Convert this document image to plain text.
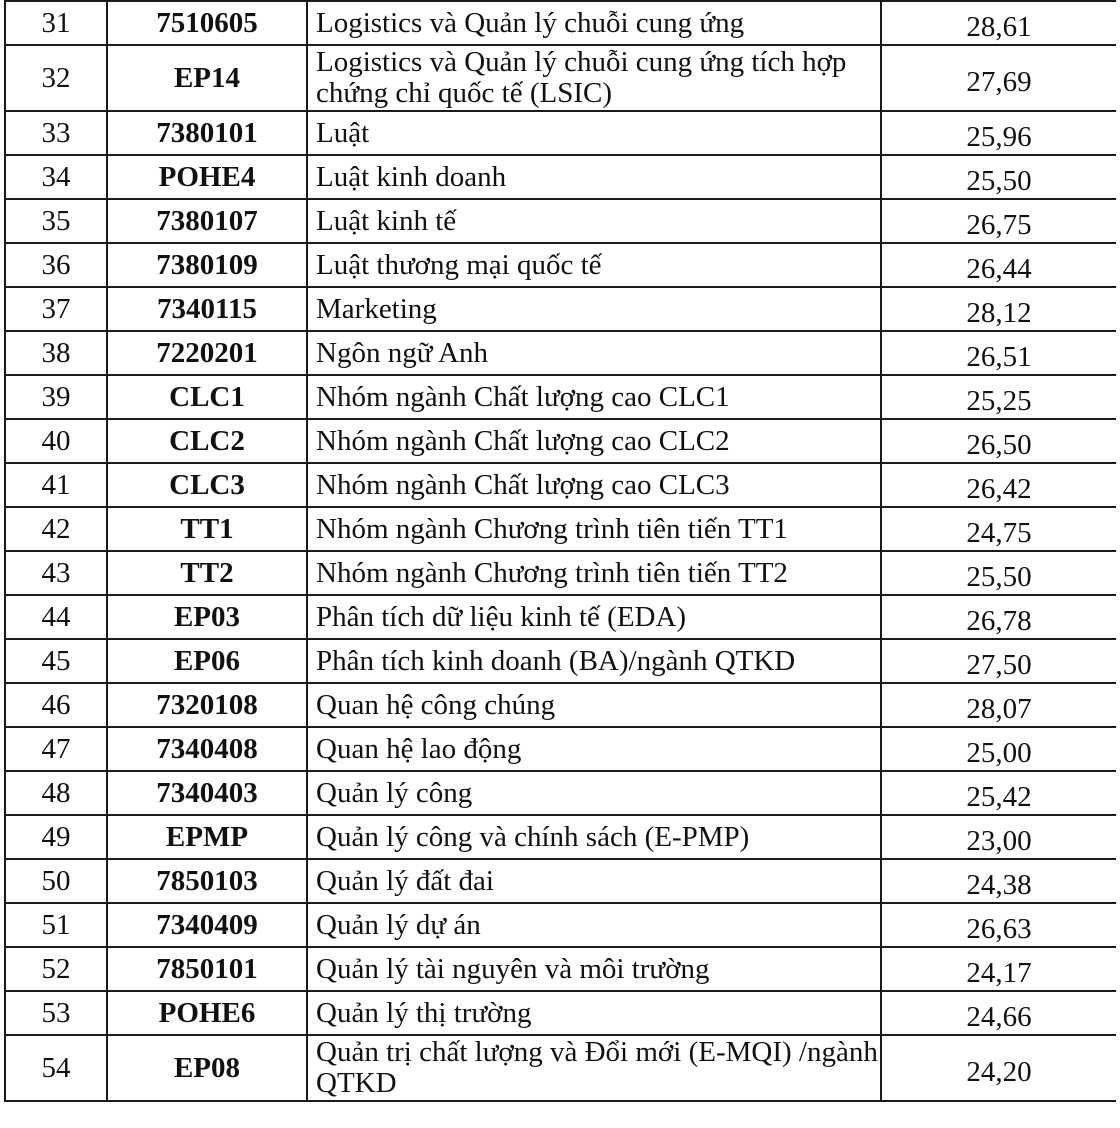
31	7510605	Logistics và Quản lý chuỗi cung ứng	28,61
32	EP14	Logistics và Quản lý chuỗi cung ứng tích hợp chứng chỉ quốc tế (LSIC)	27,69
33	7380101	Luật	25,96
34	POHE4	Luật kinh doanh	25,50
35	7380107	Luật kinh tế	26,75
36	7380109	Luật thương mại quốc tế	26,44
37	7340115	Marketing	28,12
38	7220201	Ngôn ngữ Anh	26,51
39	CLC1	Nhóm ngành Chất lượng cao CLC1	25,25
40	CLC2	Nhóm ngành Chất lượng cao CLC2	26,50
41	CLC3	Nhóm ngành Chất lượng cao CLC3	26,42
42	TT1	Nhóm ngành Chương trình tiên tiến TT1	24,75
43	TT2	Nhóm ngành Chương trình tiên tiến TT2	25,50
44	EP03	Phân tích dữ liệu kinh tế (EDA)	26,78
45	EP06	Phân tích kinh doanh (BA)/ngành QTKD	27,50
46	7320108	Quan hệ công chúng	28,07
47	7340408	Quan hệ lao động	25,00
48	7340403	Quản lý công	25,42
49	EPMP	Quản lý công và chính sách (E-PMP)	23,00
50	7850103	Quản lý đất đai	24,38
51	7340409	Quản lý dự án	26,63
52	7850101	Quản lý tài nguyên và môi trường	24,17
53	POHE6	Quản lý thị trường	24,66
54	EP08	Quản trị chất lượng và Đổi mới (E-MQI) /ngành QTKD	24,20
